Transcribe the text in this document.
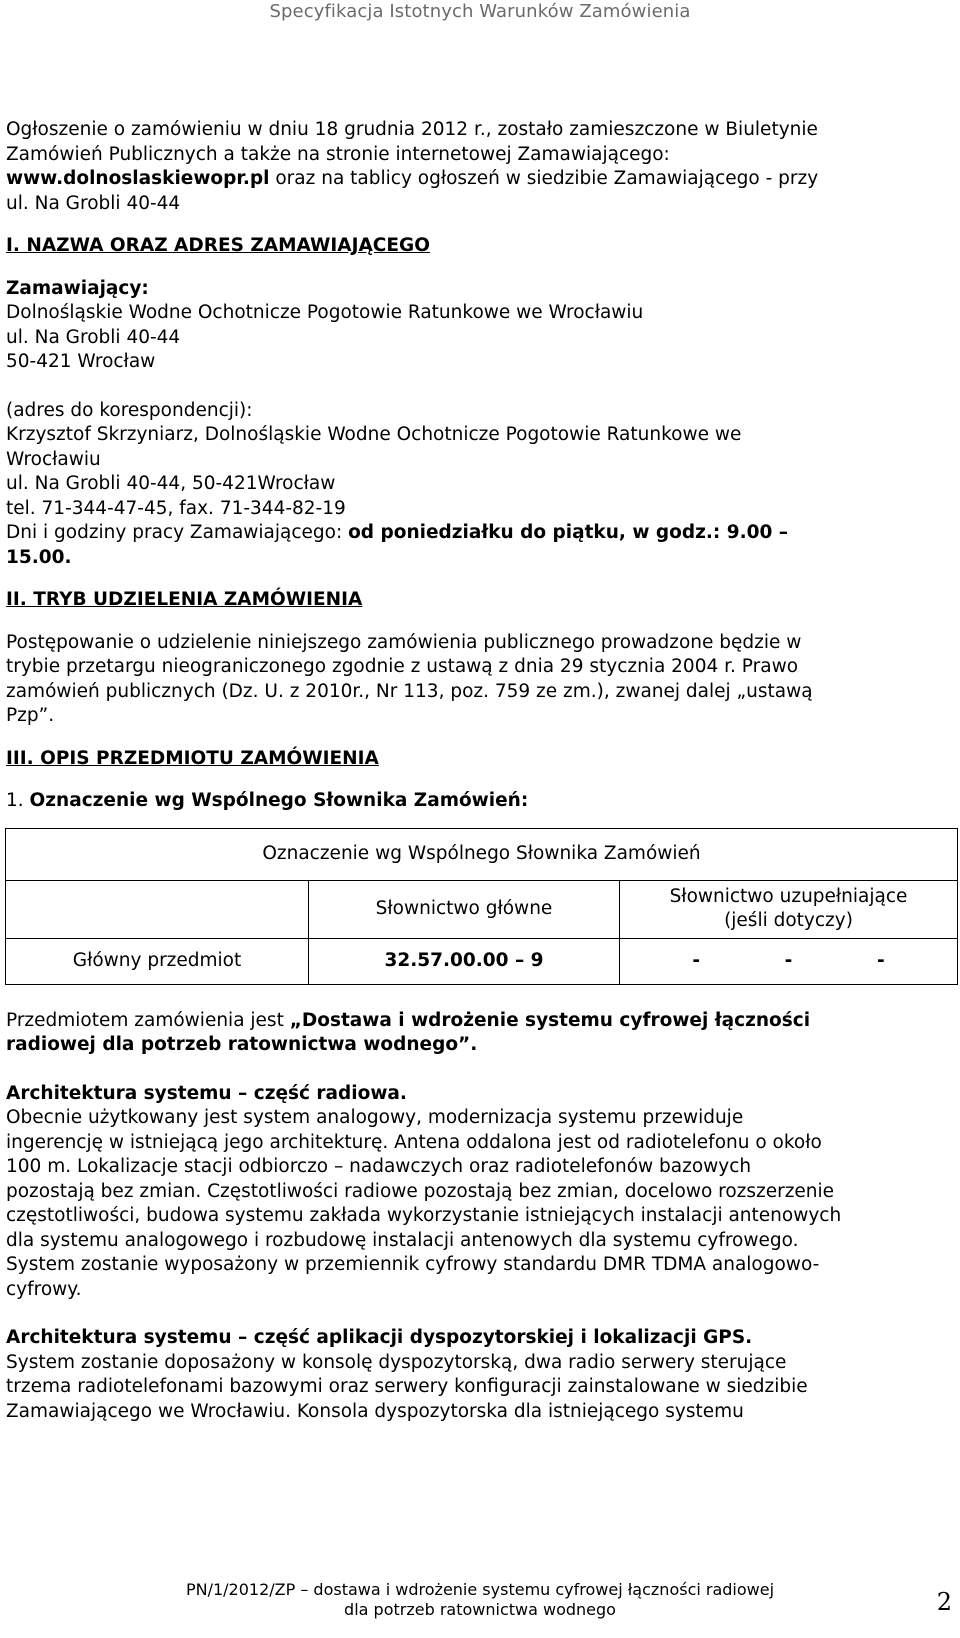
Specyfikacja Istotnych Warunków Zamówienia

Ogłoszenie o zamówieniu w dniu 18 grudnia 2012 r., zostało zamieszczone w Biuletynie

Zamówień Publicznych a także na stronie internetowej Zamawiającego:

www.dolnoslaskiewopr.pl oraz na tablicy ogłoszeń w siedzibie Zamawiającego - przy

ul. Na Grobli 40-44

I. NAZWA ORAZ ADRES ZAMAWIAJĄCEGO

Zamawiający:

Dolnośląskie Wodne Ochotnicze Pogotowie Ratunkowe we Wrocławiu

ul. Na Grobli 40-44

50-421 Wrocław

(adres do korespondencji):

Krzysztof Skrzyniarz, Dolnośląskie Wodne Ochotnicze Pogotowie Ratunkowe we

Wrocławiu

ul. Na Grobli 40-44, 50-421Wrocław

tel. 71-344-47-45, fax. 71-344-82-19

Dni i godziny pracy Zamawiającego: od poniedziałku do piątku, w godz.: 9.00 –

15.00.

II. TRYB UDZIELENIA ZAMÓWIENIA

Postępowanie o udzielenie niniejszego zamówienia publicznego prowadzone będzie w

trybie przetargu nieograniczonego zgodnie z ustawą z dnia 29 stycznia 2004 r. Prawo

zamówień publicznych (Dz. U. z 2010r., Nr 113, poz. 759 ze zm.), zwanej dalej „ustawą

Pzp”.

III. OPIS PRZEDMIOTU ZAMÓWIENIA

1. Oznaczenie wg Wspólnego Słownika Zamówień:

Oznaczenie wg Wspólnego Słownika Zamówień		
	Słownictwo główne	Słownictwo uzupełniające
(jeśli dotyczy)

Główny przedmiot	32.57.00.00 – 9	- - -

Przedmiotem zamówienia jest „Dostawa i wdrożenie systemu cyfrowej łączności

radiowej dla potrzeb ratownictwa wodnego”.

Architektura systemu – część radiowa.

Obecnie użytkowany jest system analogowy, modernizacja systemu przewiduje

ingerencję w istniejącą jego architekturę. Antena oddalona jest od radiotelefonu o około

100 m. Lokalizacje stacji odbiorczo – nadawczych oraz radiotelefonów bazowych

pozostają bez zmian. Częstotliwości radiowe pozostają bez zmian, docelowo rozszerzenie

częstotliwości, budowa systemu zakłada wykorzystanie istniejących instalacji antenowych

dla systemu analogowego i rozbudowę instalacji antenowych dla systemu cyfrowego.

System zostanie wyposażony w przemiennik cyfrowy standardu DMR TDMA analogowo-

cyfrowy.

Architektura systemu – część aplikacji dyspozytorskiej i lokalizacji GPS.

System zostanie doposażony w konsolę dyspozytorską, dwa radio serwery sterujące

trzema radiotelefonami bazowymi oraz serwery konfiguracji zainstalowane w siedzibie

Zamawiającego we Wrocławiu. Konsola dyspozytorska dla istniejącego systemu

PN/1/2012/ZP – dostawa i wdrożenie systemu cyfrowej łączności radiowej
dla potrzeb ratownictwa wodnego	2
